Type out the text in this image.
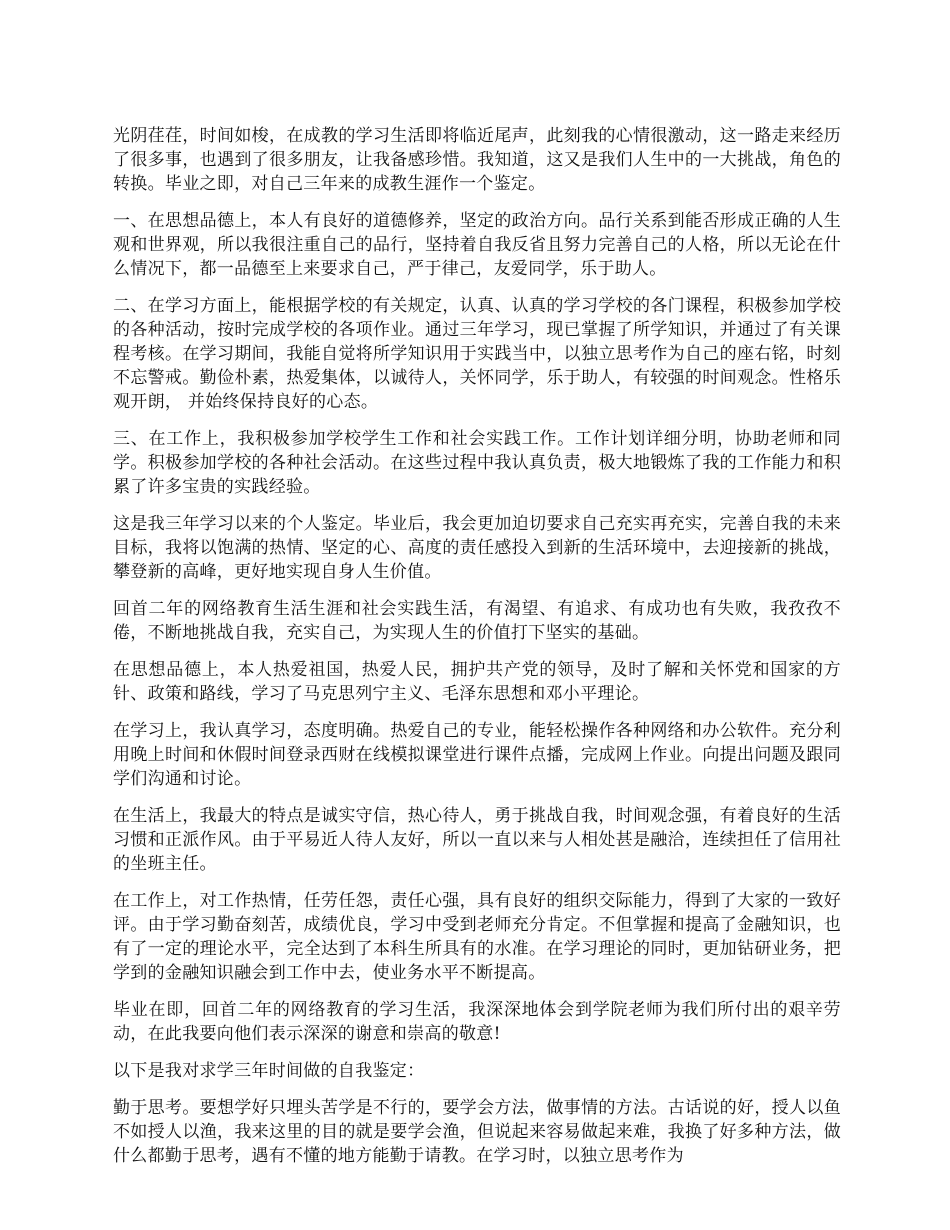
光阴荏荏，时间如梭，在成教的学习生活即将临近尾声，此刻我的心情很激动，这一路走来经历了很多事，也遇到了很多朋友，让我备感珍惜。我知道，这又是我们人生中的一大挑战，角色的转换。毕业之即，对自己三年来的成教生涯作一个鉴定。

一、在思想品德上，本人有良好的道德修养，坚定的政治方向。品行关系到能否形成正确的人生观和世界观，所以我很注重自己的品行，坚持着自我反省且努力完善自己的人格，所以无论在什么情况下，都一品德至上来要求自己，严于律己，友爱同学，乐于助人。

二、在学习方面上，能根据学校的有关规定，认真、认真的学习学校的各门课程，积极参加学校的各种活动，按时完成学校的各项作业。通过三年学习，现已掌握了所学知识，并通过了有关课程考核。在学习期间，我能自觉将所学知识用于实践当中，以独立思考作为自己的座右铭，时刻不忘警戒。勤俭朴素，热爱集体，以诚待人，关怀同学，乐于助人，有较强的时间观念。性格乐观开朗， 并始终保持良好的心态。

三、在工作上，我积极参加学校学生工作和社会实践工作。工作计划详细分明，协助老师和同学。积极参加学校的各种社会活动。在这些过程中我认真负责，极大地锻炼了我的工作能力和积累了许多宝贵的实践经验。

这是我三年学习以来的个人鉴定。毕业后，我会更加迫切要求自己充实再充实，完善自我的未来目标，我将以饱满的热情、坚定的心、高度的责任感投入到新的生活环境中，去迎接新的挑战，攀登新的高峰，更好地实现自身人生价值。

回首二年的网络教育生活生涯和社会实践生活，有渴望、有追求、有成功也有失败，我孜孜不倦，不断地挑战自我，充实自己，为实现人生的价值打下坚实的基础。

在思想品德上，本人热爱祖国，热爱人民，拥护共产党的领导，及时了解和关怀党和国家的方针、政策和路线，学习了马克思列宁主义、毛泽东思想和邓小平理论。

在学习上，我认真学习，态度明确。热爱自己的专业，能轻松操作各种网络和办公软件。充分利用晚上时间和休假时间登录西财在线模拟课堂进行课件点播，完成网上作业。向提出问题及跟同学们沟通和讨论。

在生活上，我最大的特点是诚实守信，热心待人，勇于挑战自我，时间观念强，有着良好的生活习惯和正派作风。由于平易近人待人友好，所以一直以来与人相处甚是融洽，连续担任了信用社的坐班主任。

在工作上，对工作热情，任劳任怨，责任心强，具有良好的组织交际能力，得到了大家的一致好评。由于学习勤奋刻苦，成绩优良，学习中受到老师充分肯定。不但掌握和提高了金融知识，也有了一定的理论水平，完全达到了本科生所具有的水准。在学习理论的同时，更加钻研业务，把学到的金融知识融会到工作中去，使业务水平不断提高。

毕业在即，回首二年的网络教育的学习生活，我深深地体会到学院老师为我们所付出的艰辛劳动，在此我要向他们表示深深的谢意和崇高的敬意!

以下是我对求学三年时间做的自我鉴定：

勤于思考。要想学好只埋头苦学是不行的，要学会方法，做事情的方法。古话说的好，授人以鱼不如授人以渔，我来这里的目的就是要学会渔，但说起来容易做起来难，我换了好多种方法，做什么都勤于思考，遇有不懂的地方能勤于请教。在学习时，以独立思考作为
